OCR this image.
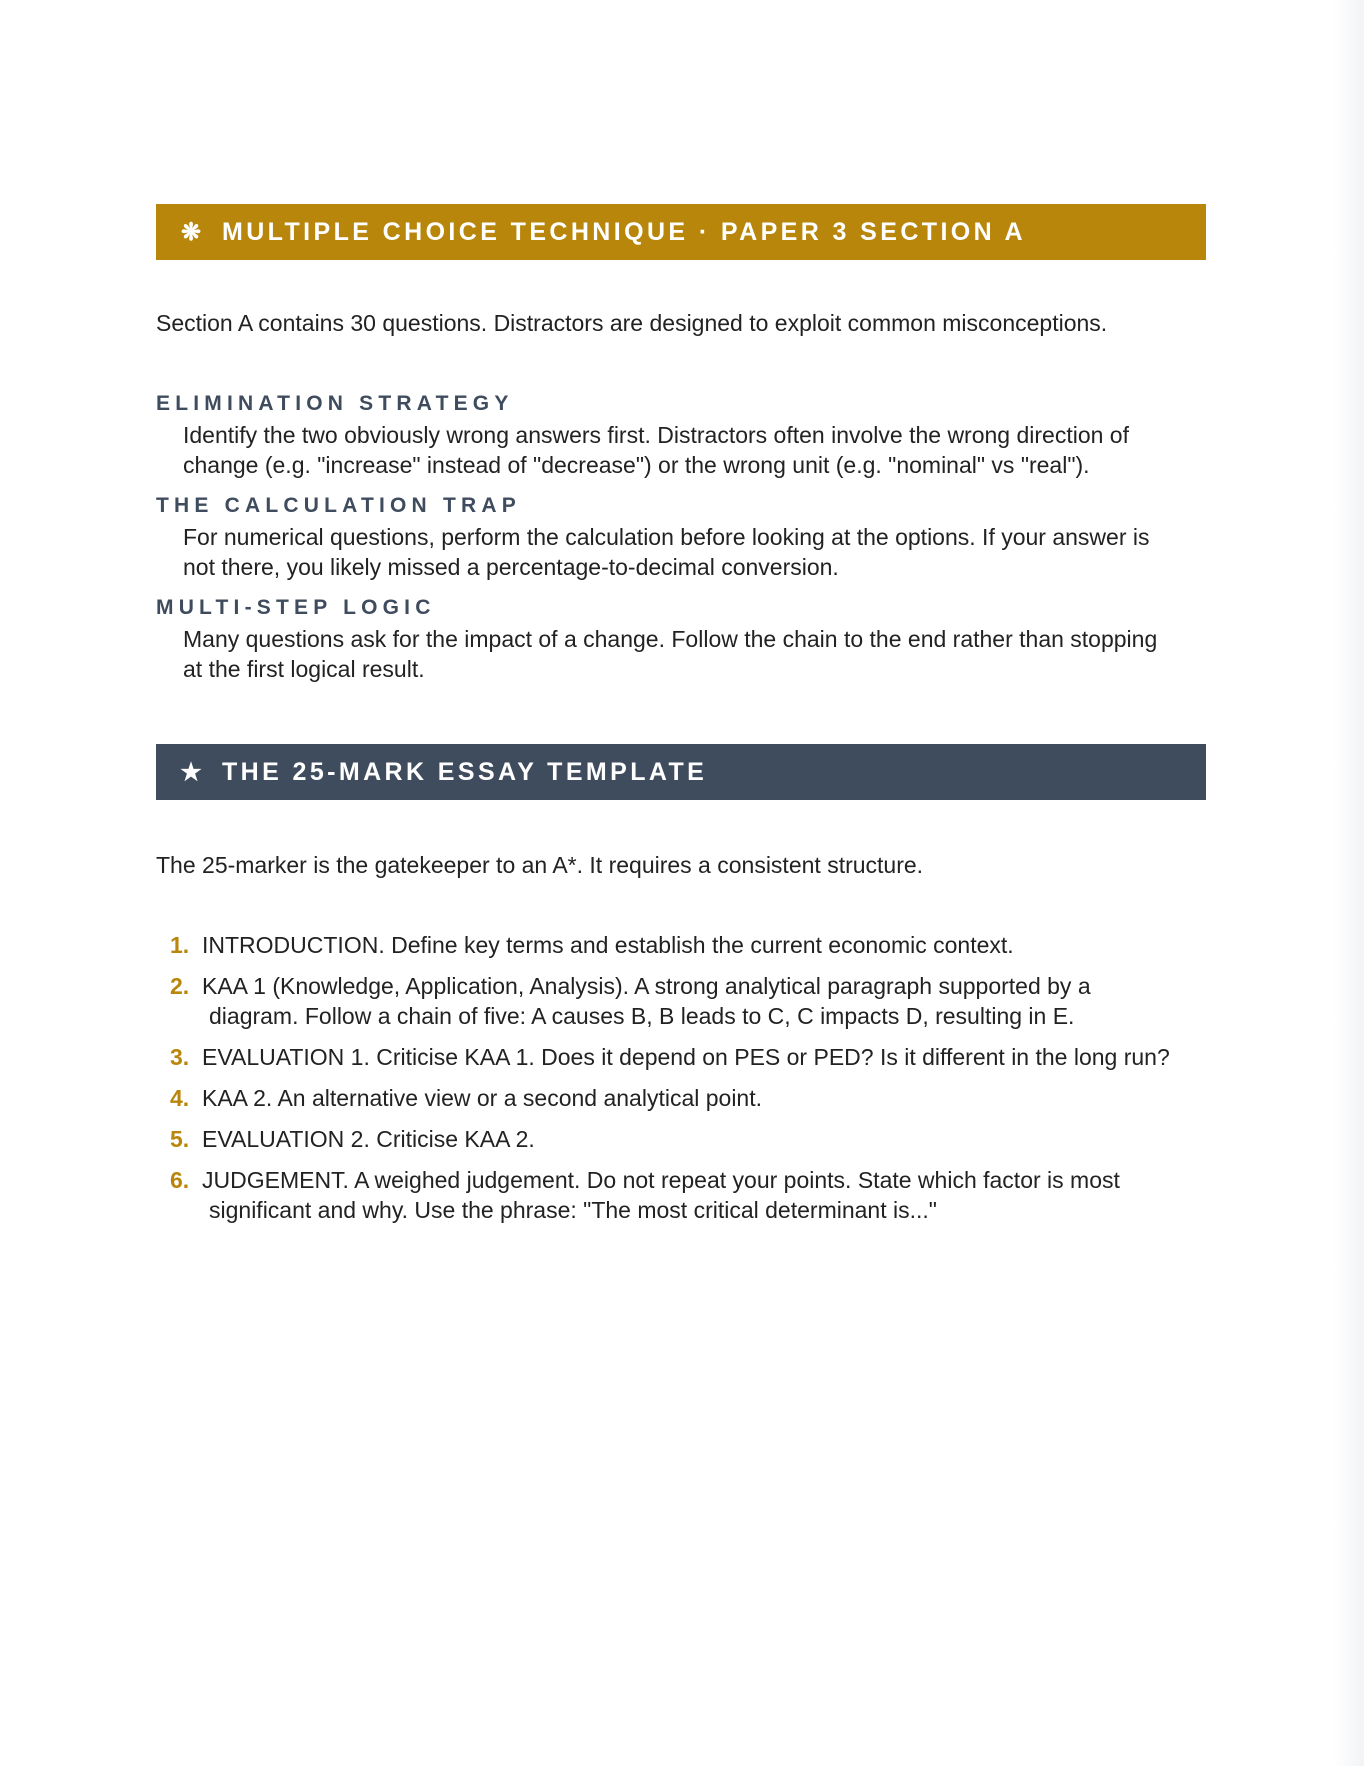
❋ MULTIPLE CHOICE TECHNIQUE · PAPER 3 SECTION A

Section A contains 30 questions. Distractors are designed to exploit common misconceptions.

ELIMINATION STRATEGY
Identify the two obviously wrong answers first. Distractors often involve the wrong direction of
change (e.g. "increase" instead of "decrease") or the wrong unit (e.g. "nominal" vs "real").
THE CALCULATION TRAP
For numerical questions, perform the calculation before looking at the options. If your answer is
not there, you likely missed a percentage-to-decimal conversion.
MULTI-STEP LOGIC
Many questions ask for the impact of a change. Follow the chain to the end rather than stopping
at the first logical result.
★ THE 25-MARK ESSAY TEMPLATE

The 25-marker is the gatekeeper to an A*. It requires a consistent structure.

1. INTRODUCTION. Define key terms and establish the current economic context.
2. KAA 1 (Knowledge, Application, Analysis). A strong analytical paragraph supported by a
diagram. Follow a chain of five: A causes B, B leads to C, C impacts D, resulting in E.
3. EVALUATION 1. Criticise KAA 1. Does it depend on PES or PED? Is it different in the long run?
4. KAA 2. An alternative view or a second analytical point.
5. EVALUATION 2. Criticise KAA 2.
6. JUDGEMENT. A weighed judgement. Do not repeat your points. State which factor is most
significant and why. Use the phrase: "The most critical determinant is..."
